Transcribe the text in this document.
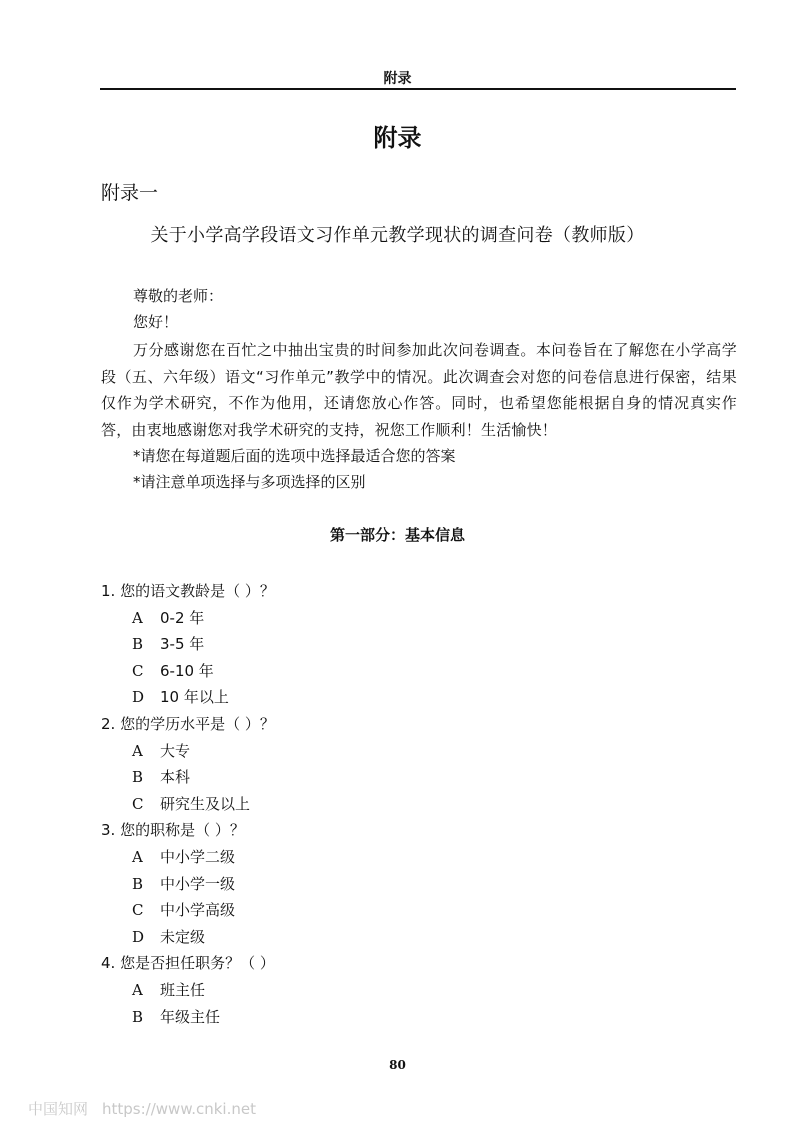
附录
附录
附录一
关于小学高学段语文习作单元教学现状的调查问卷（教师版）
尊敬的老师：
您好！
万分感谢您在百忙之中抽出宝贵的时间参加此次问卷调查。本问卷旨在了解您在小学高学段（五、六年级）语文“习作单元”教学中的情况。此次调查会对您的问卷信息进行保密，结果仅作为学术研究，不作为他用，还请您放心作答。同时，也希望您能根据自身的情况真实作答，由衷地感谢您对我学术研究的支持，祝您工作顺利！生活愉快！
*请您在每道题后面的选项中选择最适合您的答案
*请注意单项选择与多项选择的区别
第一部分：基本信息
1. 您的语文教龄是（ ）？
A 0-2 年
B 3-5 年
C 6-10 年
D 10 年以上
2. 您的学历水平是（ ）？
A 大专
B 本科
C 研究生及以上
3. 您的职称是（ ）？
A 中小学二级
B 中小学一级
C 中小学高级
D 未定级
4. 您是否担任职务？（ ）
A 班主任
B 年级主任
80
中国知网 https://www.cnki.net
